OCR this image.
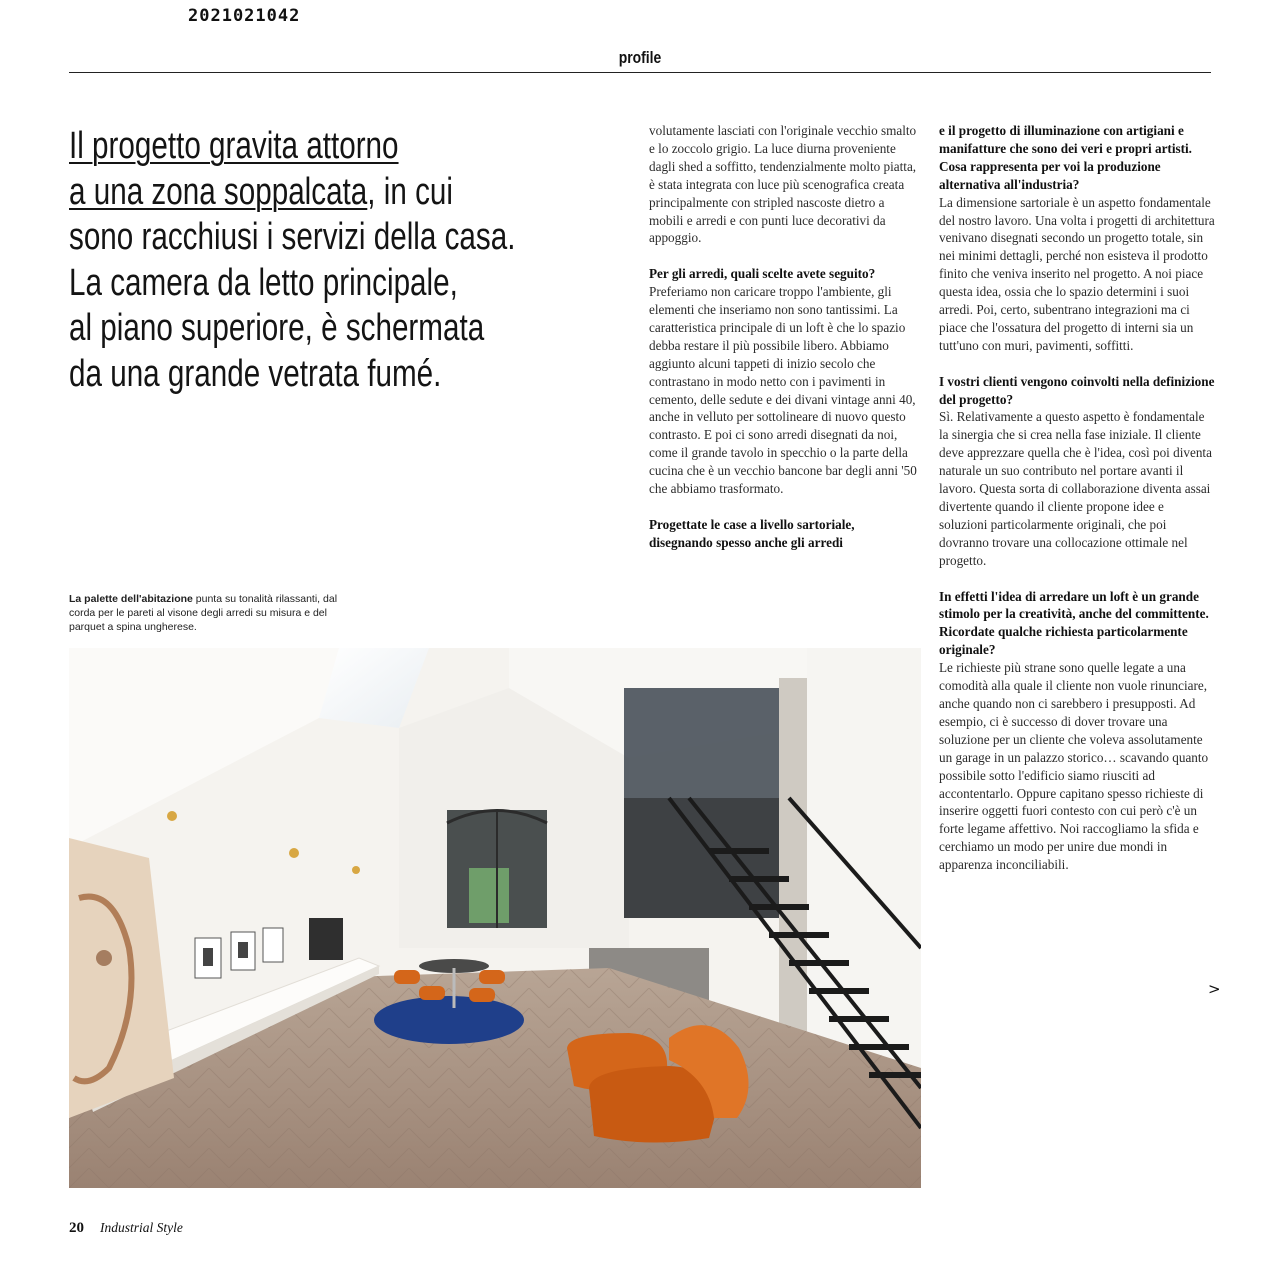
2021021042
profile
Il progetto gravita attorno
a una zona soppalcata, in cui
sono racchiusi i servizi della casa.
La camera da letto principale,
al piano superiore, è schermata
da una grande vetrata fumé.
La palette dell'abitazione punta su tonalità rilassanti, dal corda per le pareti al visone degli arredi su misura e del parquet a spina ungherese.

volutamente lasciati con l'originale vecchio smalto e lo zoccolo grigio. La luce diurna proveniente dagli shed a soffitto, tendenzialmente molto piatta, è stata integrata con luce più scenografica creata principalmente con stripled nascoste dietro a mobili e arredi e con punti luce decorativi da appoggio.

Per gli arredi, quali scelte avete seguito?

Preferiamo non caricare troppo l'ambiente, gli elementi che inseriamo non sono tantissimi. La caratteristica principale di un loft è che lo spazio debba restare il più possibile libero. Abbiamo aggiunto alcuni tappeti di inizio secolo che contrastano in modo netto con i pavimenti in cemento, delle sedute e dei divani vintage anni 40, anche in velluto per sottolineare di nuovo questo contrasto. E poi ci sono arredi disegnati da noi, come il grande tavolo in specchio o la parte della cucina che è un vecchio bancone bar degli anni '50 che abbiamo trasformato.

Progettate le case a livello sartoriale, disegnando spesso anche gli arredi

e il progetto di illuminazione con artigiani e manifatture che sono dei veri e propri artisti. Cosa rappresenta per voi la produzione alternativa all'industria?

La dimensione sartoriale è un aspetto fondamentale del nostro lavoro. Una volta i progetti di architettura venivano disegnati secondo un progetto totale, sin nei minimi dettagli, perché non esisteva il prodotto finito che veniva inserito nel progetto. A noi piace questa idea, ossia che lo spazio determini i suoi arredi. Poi, certo, subentrano integrazioni ma ci piace che l'ossatura del progetto di interni sia un tutt'uno con muri, pavimenti, soffitti.

I vostri clienti vengono coinvolti nella definizione del progetto?

Sì. Relativamente a questo aspetto è fondamentale la sinergia che si crea nella fase iniziale. Il cliente deve apprezzare quella che è l'idea, così poi diventa naturale un suo contributo nel portare avanti il lavoro. Questa sorta di collaborazione diventa assai divertente quando il cliente propone idee e soluzioni particolarmente originali, che poi dovranno trovare una collocazione ottimale nel progetto.

In effetti l'idea di arredare un loft è un grande stimolo per la creatività, anche del committente. Ricordate qualche richiesta particolarmente originale?

Le richieste più strane sono quelle legate a una comodità alla quale il cliente non vuole rinunciare, anche quando non ci sarebbero i presupposti. Ad esempio, ci è successo di dover trovare una soluzione per un cliente che voleva assolutamente un garage in un palazzo storico… scavando quanto possibile sotto l'edificio siamo riusciti ad accontentarlo. Oppure capitano spesso richieste di inserire oggetti fuori contesto con cui però c'è un forte legame affettivo. Noi raccogliamo la sfida e cerchiamo un modo per unire due mondi in apparenza inconciliabili.

>
20 Industrial Style
